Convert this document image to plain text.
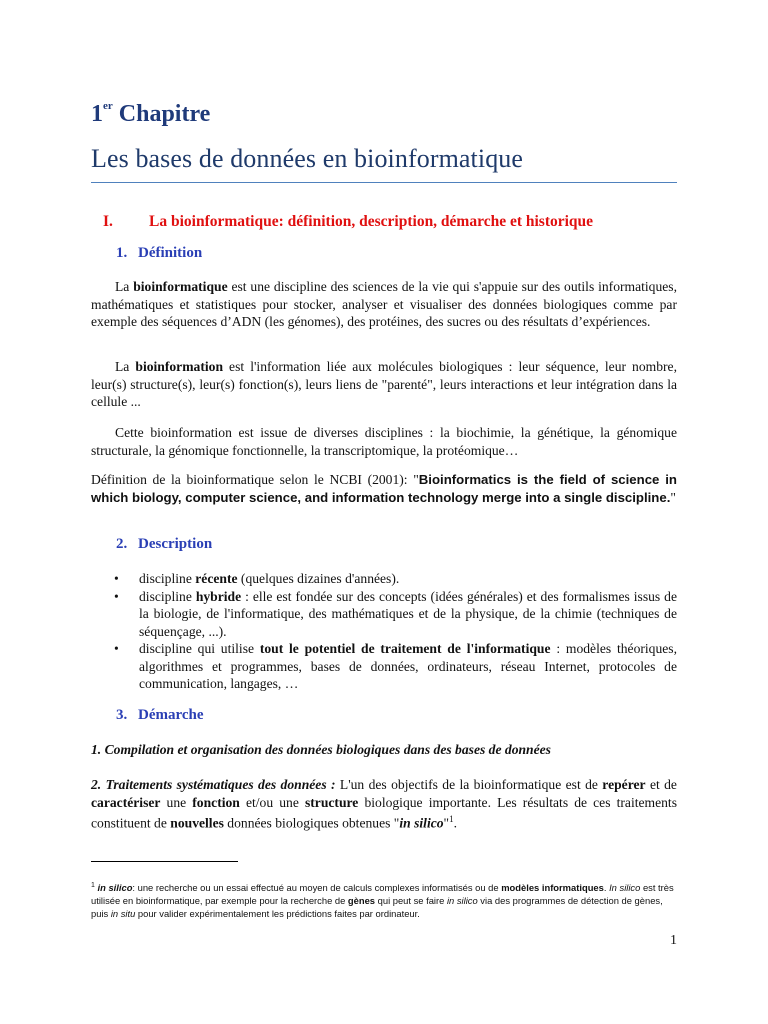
1er Chapitre
Les bases de données en bioinformatique
I. La bioinformatique: définition, description, démarche et historique
1. Définition

La bioinformatique est une discipline des sciences de la vie qui s'appuie sur des outils informatiques, mathématiques et statistiques pour stocker, analyser et visualiser des données biologiques comme par exemple des séquences d’ADN (les génomes), des protéines, des sucres ou des résultats d’expériences.

La bioinformation est l'information liée aux molécules biologiques : leur séquence, leur nombre, leur(s) structure(s), leur(s) fonction(s), leurs liens de "parenté", leurs interactions et leur intégration dans la cellule ...

Cette bioinformation est issue de diverses disciplines : la biochimie, la génétique, la génomique structurale, la génomique fonctionnelle, la transcriptomique, la protéomique…

Définition de la bioinformatique selon le NCBI (2001): "Bioinformatics is the field of science in which biology, computer science, and information technology merge into a single discipline."

2. Description
• discipline récente (quelques dizaines d'années).
• discipline hybride : elle est fondée sur des concepts (idées générales) et des formalismes issus de la biologie, de l'informatique, des mathématiques et de la physique, de la chimie (techniques de séquençage, ...).
• discipline qui utilise tout le potentiel de traitement de l'informatique : modèles théoriques, algorithmes et programmes, bases de données, ordinateurs, réseau Internet, protocoles de communication, langages, …
3. Démarche

1. Compilation et organisation des données biologiques dans des bases de données

2. Traitements systématiques des données : L'un des objectifs de la bioinformatique est de repérer et de caractériser une fonction et/ou une structure biologique importante. Les résultats de ces traitements constituent de nouvelles données biologiques obtenues "in silico"$^1$.

$^1$ in silico: une recherche ou un essai effectué au moyen de calculs complexes informatisés ou de modèles informatiques. In silico est très utilisée en bioinformatique, par exemple pour la recherche de gènes qui peut se faire in silico via des programmes de détection de gènes, puis in situ pour valider expérimentalement les prédictions faites par ordinateur.

1
